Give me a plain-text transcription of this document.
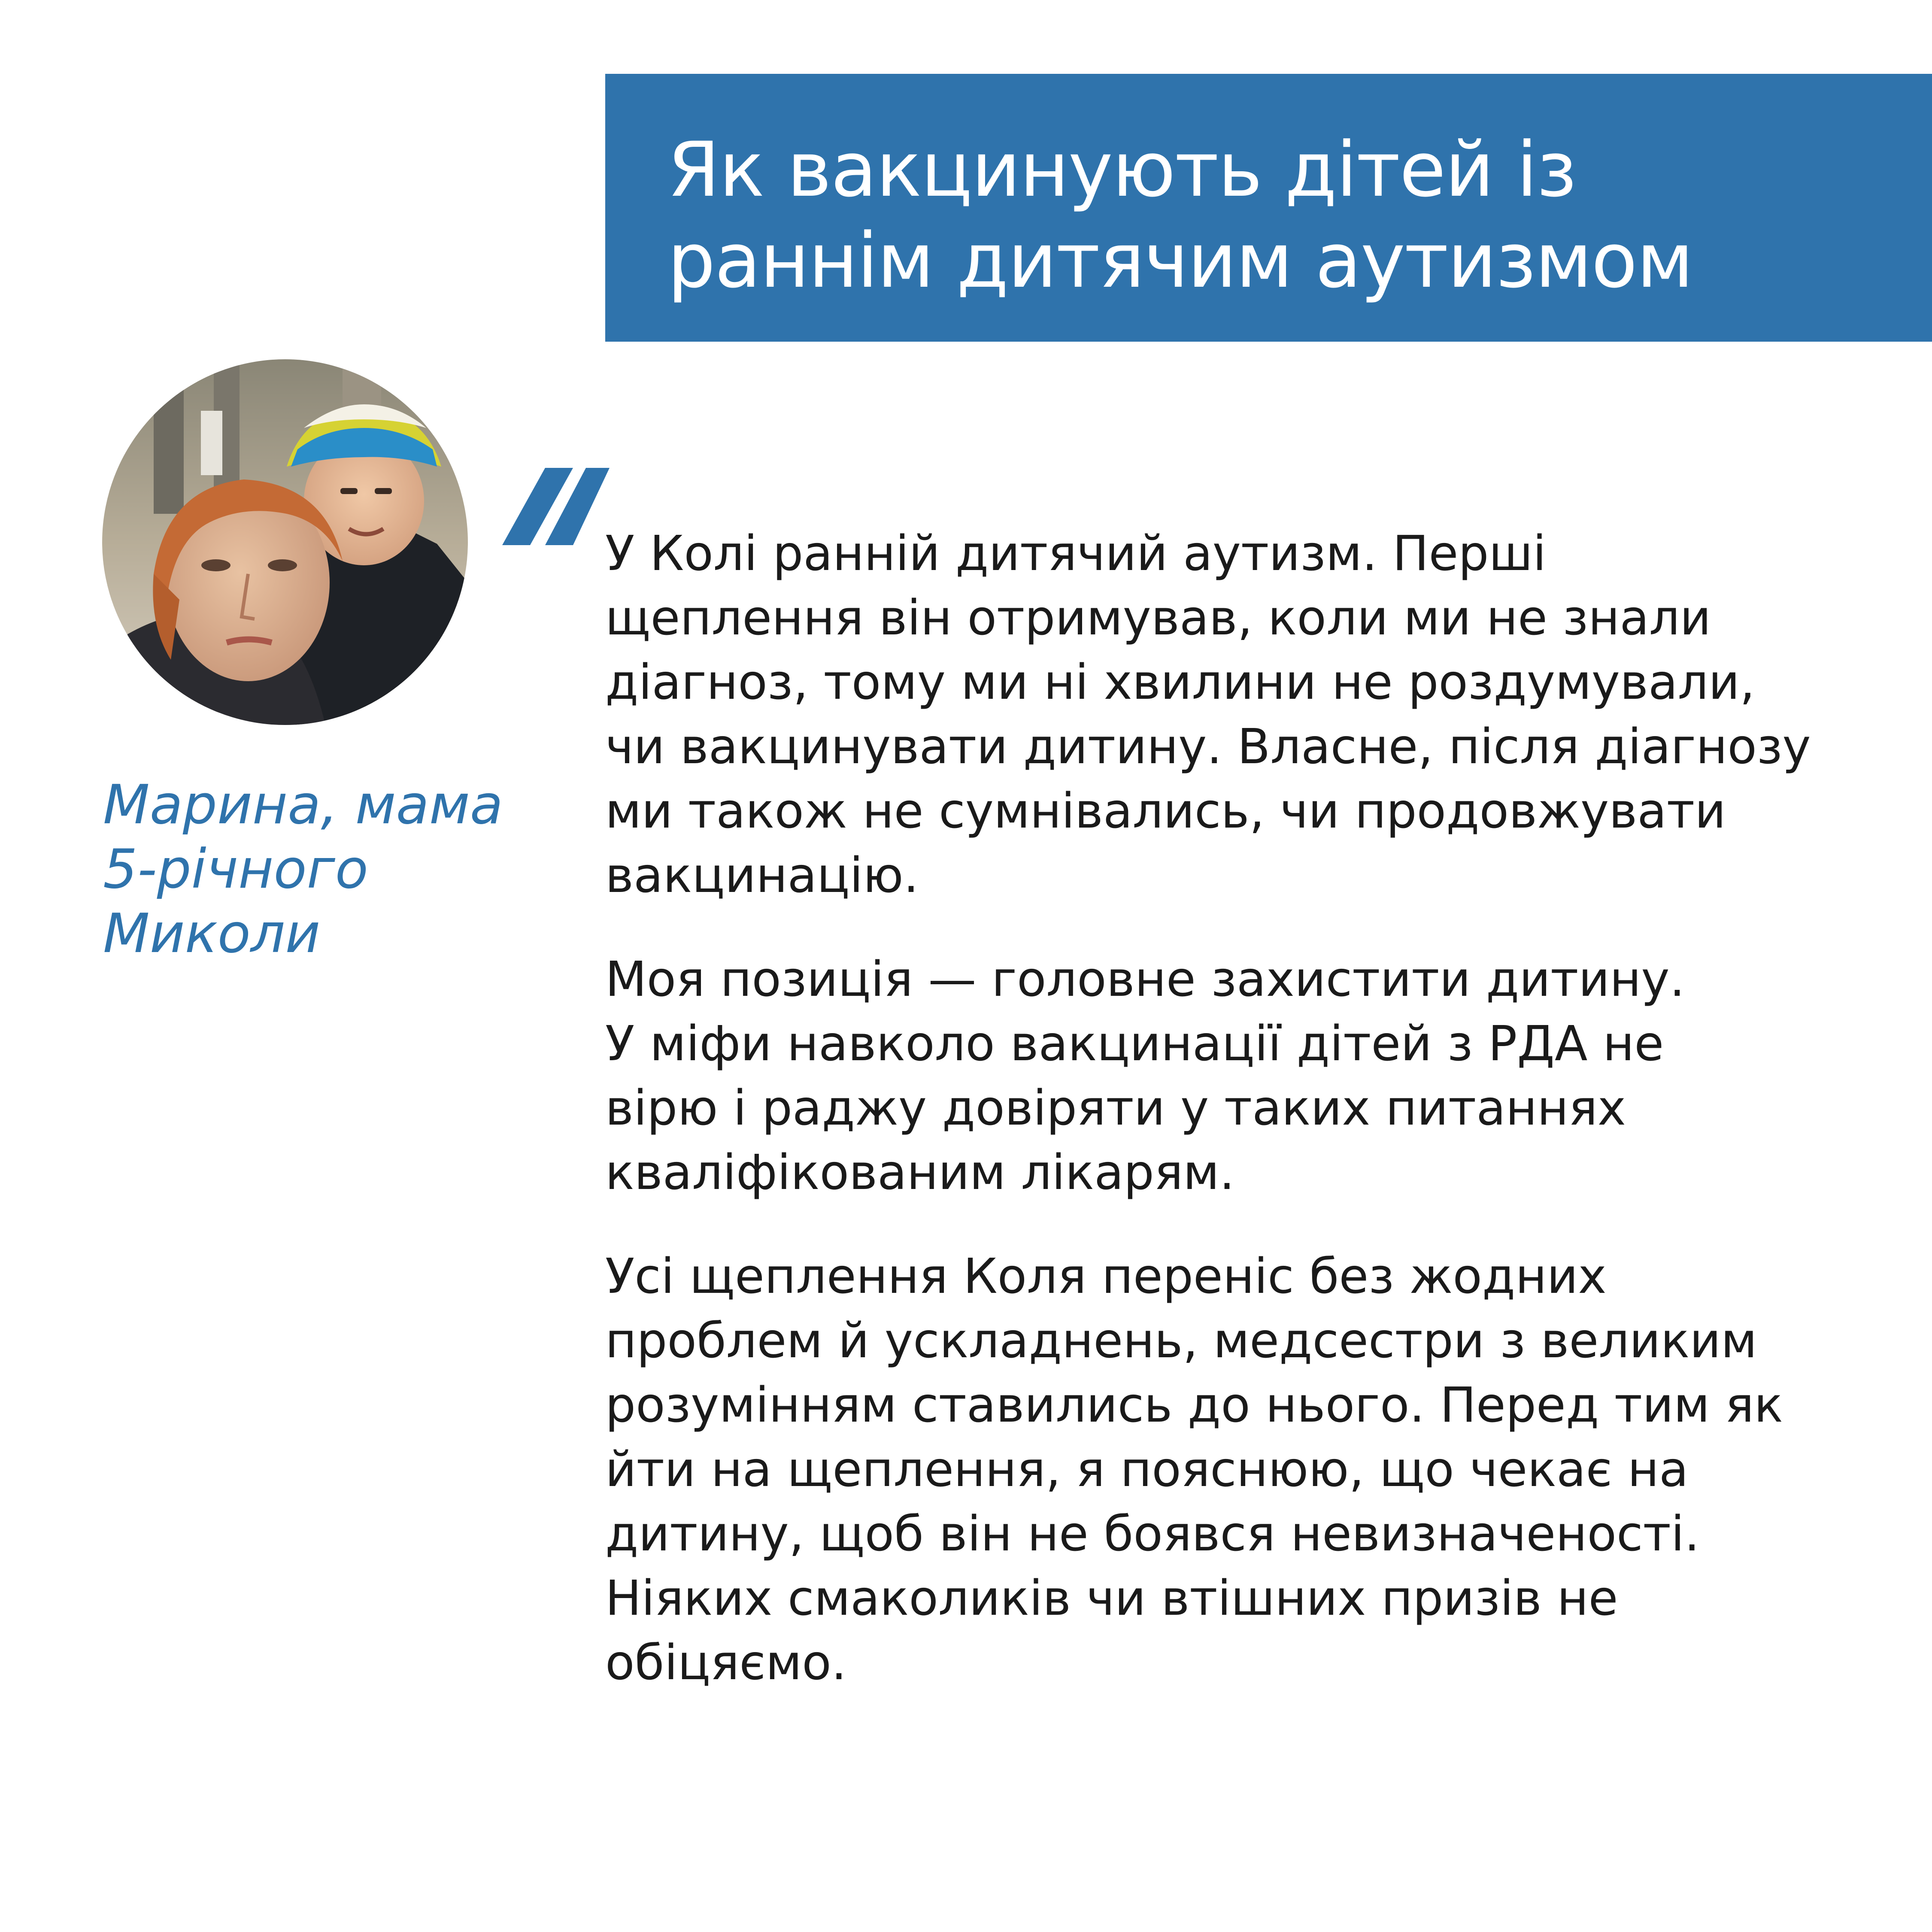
Як вакцинують дітей із
раннім дитячим аутизмом
Марина, мама
5-річного
Миколи

У Колі ранній дитячий аутизм. Перші
щеплення він отримував, коли ми не знали
діагноз, тому ми ні хвилини не роздумували,
чи вакцинувати дитину. Власне, після діагнозу
ми також не сумнівались, чи продовжувати
вакцинацію.

Моя позиція — головне захистити дитину.
У міфи навколо вакцинації дітей з РДА не
вірю і раджу довіряти у таких питаннях
кваліфікованим лікарям.

Усі щеплення Коля переніс без жодних
проблем й ускладнень, медсестри з великим
розумінням ставились до нього. Перед тим як
йти на щеплення, я пояснюю, що чекає на
дитину, щоб він не боявся невизначеності.
Ніяких смаколиків чи втішних призів не
обіцяємо.
